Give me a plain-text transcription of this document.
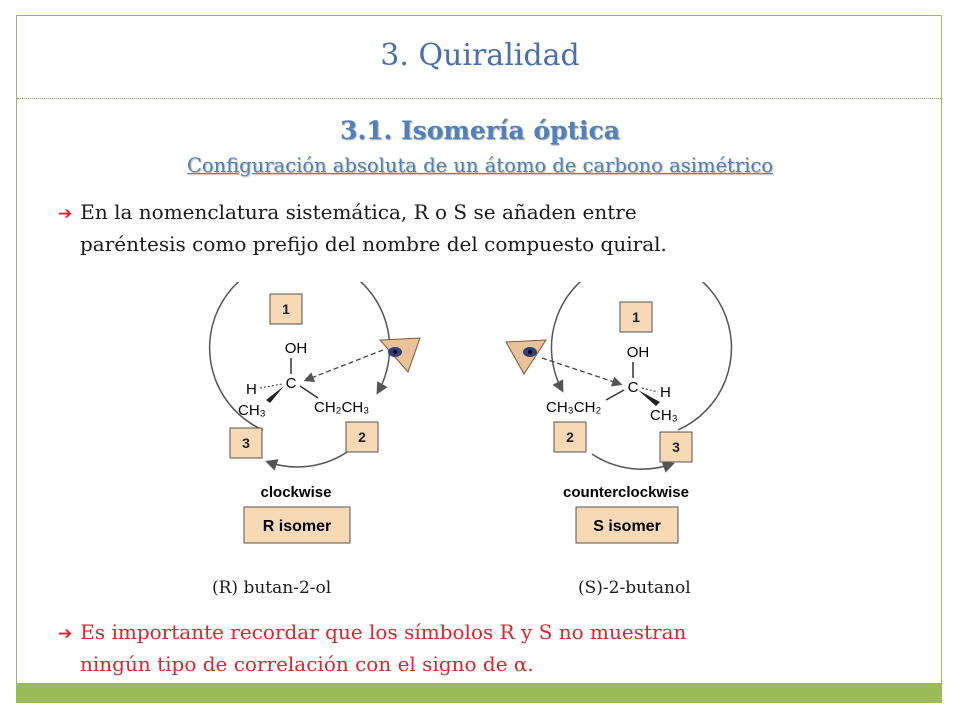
3. Quiralidad
3.1. Isomería óptica
Configuración absoluta de un átomo de carbono asimétrico
➔ En la nomenclatura sistemática, R o S se añaden entre
paréntesis como prefijo del nombre del compuesto quiral.
1
2
3
OH
C
H
CH₃	CH₂CH₃
clockwise
R isomer
1
2
3
OH
C H
CH₃
CH₃CH₂
counterclockwise
S isomer
(R) butan-2-ol	(S)-2-butanol
➔ Es importante recordar que los símbolos R y S no muestran
ningún tipo de correlación con el signo de α.
